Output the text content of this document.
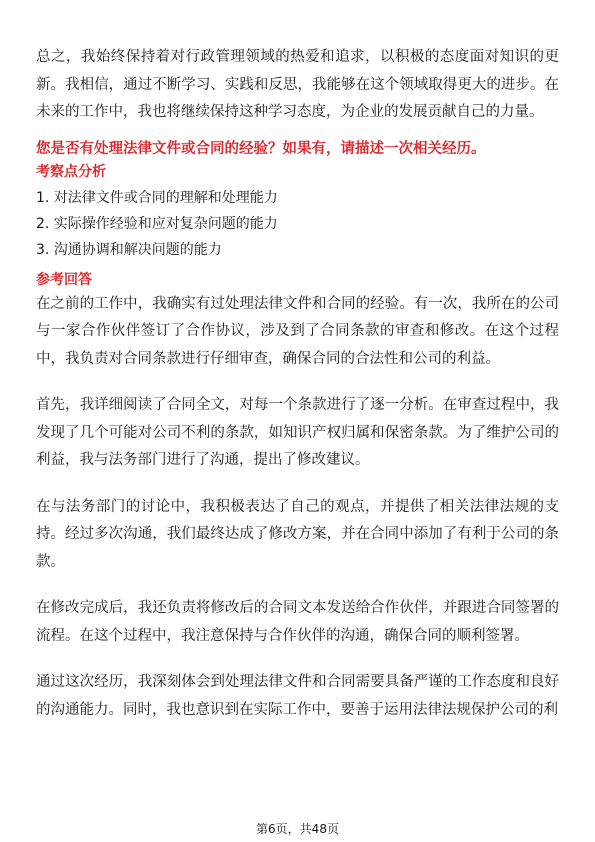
总之，我始终保持着对行政管理领域的热爱和追求，以积极的态度面对知识的更新。我相信，通过不断学习、实践和反思，我能够在这个领域取得更大的进步。在未来的工作中，我也将继续保持这种学习态度，为企业的发展贡献自己的力量。

您是否有处理法律文件或合同的经验？如果有，请描述一次相关经历。

考察点分析

1. 对法律文件或合同的理解和处理能力
2. 实际操作经验和应对复杂问题的能力
3. 沟通协调和解决问题的能力

参考回答

在之前的工作中，我确实有过处理法律文件和合同的经验。有一次，我所在的公司与一家合作伙伴签订了合作协议，涉及到了合同条款的审查和修改。在这个过程中，我负责对合同条款进行仔细审查，确保合同的合法性和公司的利益。

首先，我详细阅读了合同全文，对每一个条款进行了逐一分析。在审查过程中，我发现了几个可能对公司不利的条款，如知识产权归属和保密条款。为了维护公司的利益，我与法务部门进行了沟通，提出了修改建议。

在与法务部门的讨论中，我积极表达了自己的观点，并提供了相关法律法规的支持。经过多次沟通，我们最终达成了修改方案，并在合同中添加了有利于公司的条款。

在修改完成后，我还负责将修改后的合同文本发送给合作伙伴，并跟进合同签署的流程。在这个过程中，我注意保持与合作伙伴的沟通，确保合同的顺利签署。

通过这次经历，我深刻体会到处理法律文件和合同需要具备严谨的工作态度和良好的沟通能力。同时，我也意识到在实际工作中，要善于运用法律法规保护公司的利

第6页，共48页
